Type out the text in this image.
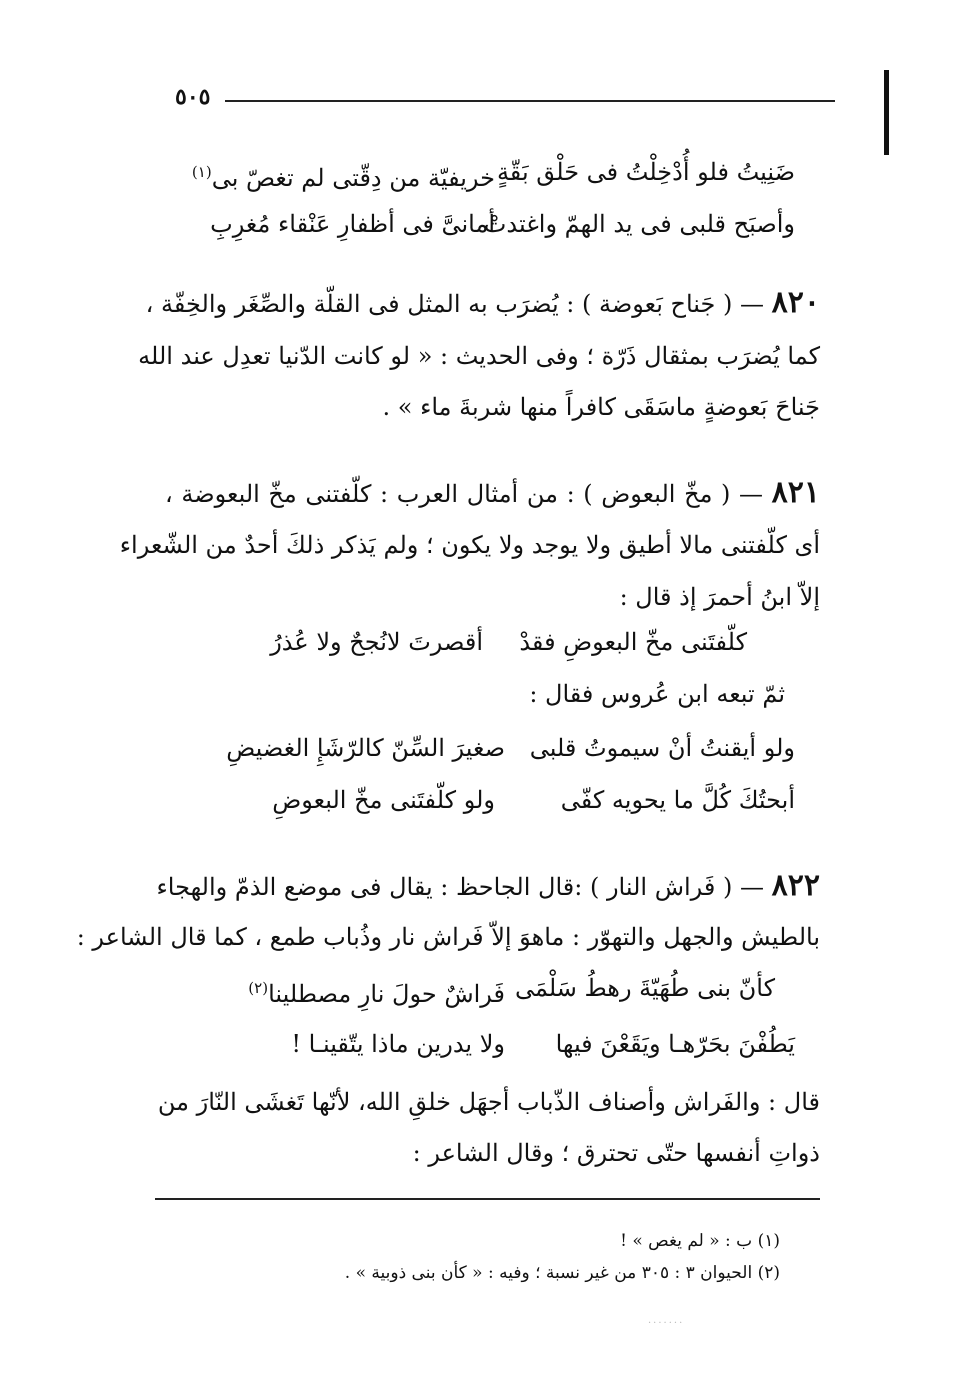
٥٠٥
ضَنِيتُ فلو أُدْخِلْتُ فى حَلْق بَقّةٍ
خريفيّة من دِقّتى لم تغصّ بى$^{(١)}$
وأصبَح قلبى فى يد الهمّ واغتدتْ
أمانىَّ فى أظفارِ عَنْقاء مُغرِبِ
٨٢٠ — ( جَناح بَعوضة ) : يُضرَب به المثل فى القلّة والصِّغَر والخِفّة ،
كما يُضرَب بمثقال ذَرّة ؛ وفى الحديث : « لو كانت الدّنيا تعدِل عند الله
جَناحَ بَعوضةٍ ماسَقَى كافراً منها شربةَ ماء » .
٨٢١ — ( مخّ البعوض ) : من أمثال العرب : كلّفتنى مخّ البعوضة ،
أى كلّفتنى مالا أطيق ولا يوجد ولا يكون ؛ ولم يَذكر ذلكَ أحدٌ من الشّعراء
إلاّ ابنُ أحمرَ إذ قال :
كلّفتَنى مخّ البعوضِ فقدْ
أقصرتَ لانُجحٌ ولا عُذرُ
ثمّ تبعه ابن عُروس فقال :
ولو أيقنتُ أنْ سيموتُ قلبى
صغيرَ السِّنّ كالرّشَإِ الغضيضِ
أبحتُكَ كُلَّ ما يحويه كفّى
ولو كلّفتَنى مخّ البعوضِ
٨٢٢ — ( فَراش النار ) :قال الجاحظ : يقال فى موضع الذمّ والهجاء
بالطيش والجهل والتهوّر : ماهوَ إلاّ فَراش نار وذُباب طمع ، كما قال الشاعر :
كأنّ بنى طُهَيّةَ رهطُ سَلْمَى
فَراشٌ حولَ نارِ مصطلينا$^{(٢)}$
يَطُفْنَ بحَرّهـا ويَقَعْنَ فيها
ولا يدرين ماذا يتّقينـا !
قال : والفَراش وأصناف الذّباب أجهَل خلقِ الله، لأنّها تَغشَى النّارَ من
ذواتِ أنفسها حتّى تحترق ؛ وقال الشاعر :
(١) ب : « لم يغص » !
(٢) الحيوان ٣ : ٣٠٥ من غير نسبة ؛ وفيه : « كأن بنى ذوبية » .
·······
